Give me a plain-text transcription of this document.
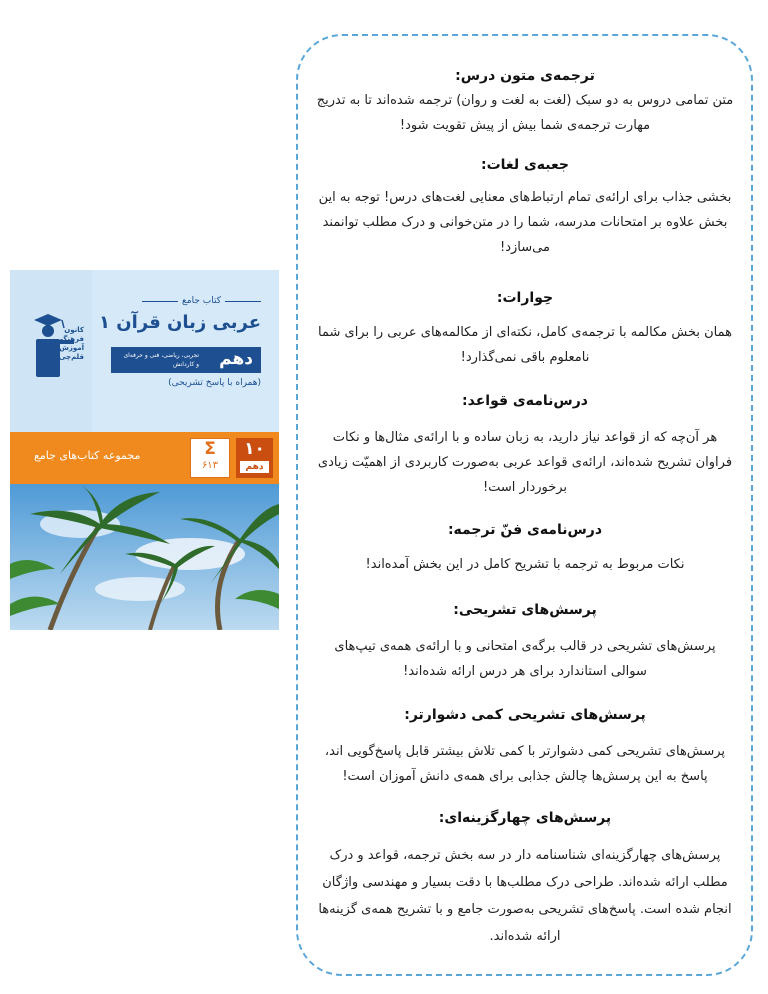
کانون
فرهنگی
آموزش
قلم‌چی
کتاب جامع
عربی زبان قرآن ۱
دهم
تجربی، ریاضی، فنی و حرفه‌ای و کاردانش
(همراه با پاسخ تشریحی)
۱۰
دهم
Σ
۶۱۳
مجموعه کتاب‌های جامع
ترجمه‌ی متون درس:

متن تمامی دروس به دو سبک (لغت به لغت و روان) ترجمه شده‌اند تا به تدریج مهارت ترجمه‌ی شما بیش از پیش تقویت شود!

جعبه‌ی لغات:

بخشی جذاب برای ارائه‌ی تمام ارتباط‌های معنایی لغت‌های درس! توجه به این بخش علاوه بر امتحانات مدرسه، شما را در متن‌خوانی و درک مطلب توانمند می‌سازد!

حِوارات:

همان بخش مکالمه با ترجمه‌ی کامل، نکته‌ای از مکالمه‌های عربی را برای شما نامعلوم باقی نمی‌گذارد!

درس‌نامه‌ی قواعد:

هر آن‌چه که از قواعد نیاز دارید، به زبان ساده و با ارائه‌ی مثال‌ها و نکات فراوان تشریح شده‌اند، ارائه‌ی قواعد عربی به‌صورت کاربردی از اهمیّت زیادی برخوردار است!

درس‌نامه‌ی فنّ ترجمه:

نکات مربوط به ترجمه با تشریح کامل در این بخش آمده‌اند!

پرسش‌های تشریحی:

پرسش‌های تشریحی در قالب برگه‌ی امتحانی و با ارائه‌ی همه‌ی تیپ‌های سوالی استاندارد برای هر درس ارائه شده‌اند!

پرسش‌های تشریحی کمی دشوارتر:

پرسش‌های تشریحی کمی دشوارتر با کمی تلاش بیشتر قابل پاسخ‌گویی اند، پاسخ به این پرسش‌ها چالش جذابی برای همه‌ی دانش آموزان است!

پرسش‌های چهارگزینه‌ای:

پرسش‌های چهارگزینه‌ای شناسنامه دار در سه بخش ترجمه، قواعد و درک مطلب ارائه شده‌اند. طراحی درک مطلب‌ها با دقت بسیار و مهندسی واژگان انجام شده است. پاسخ‌های تشریحی به‌صورت جامع و با تشریح همه‌ی گزینه‌ها ارائه شده‌اند.
